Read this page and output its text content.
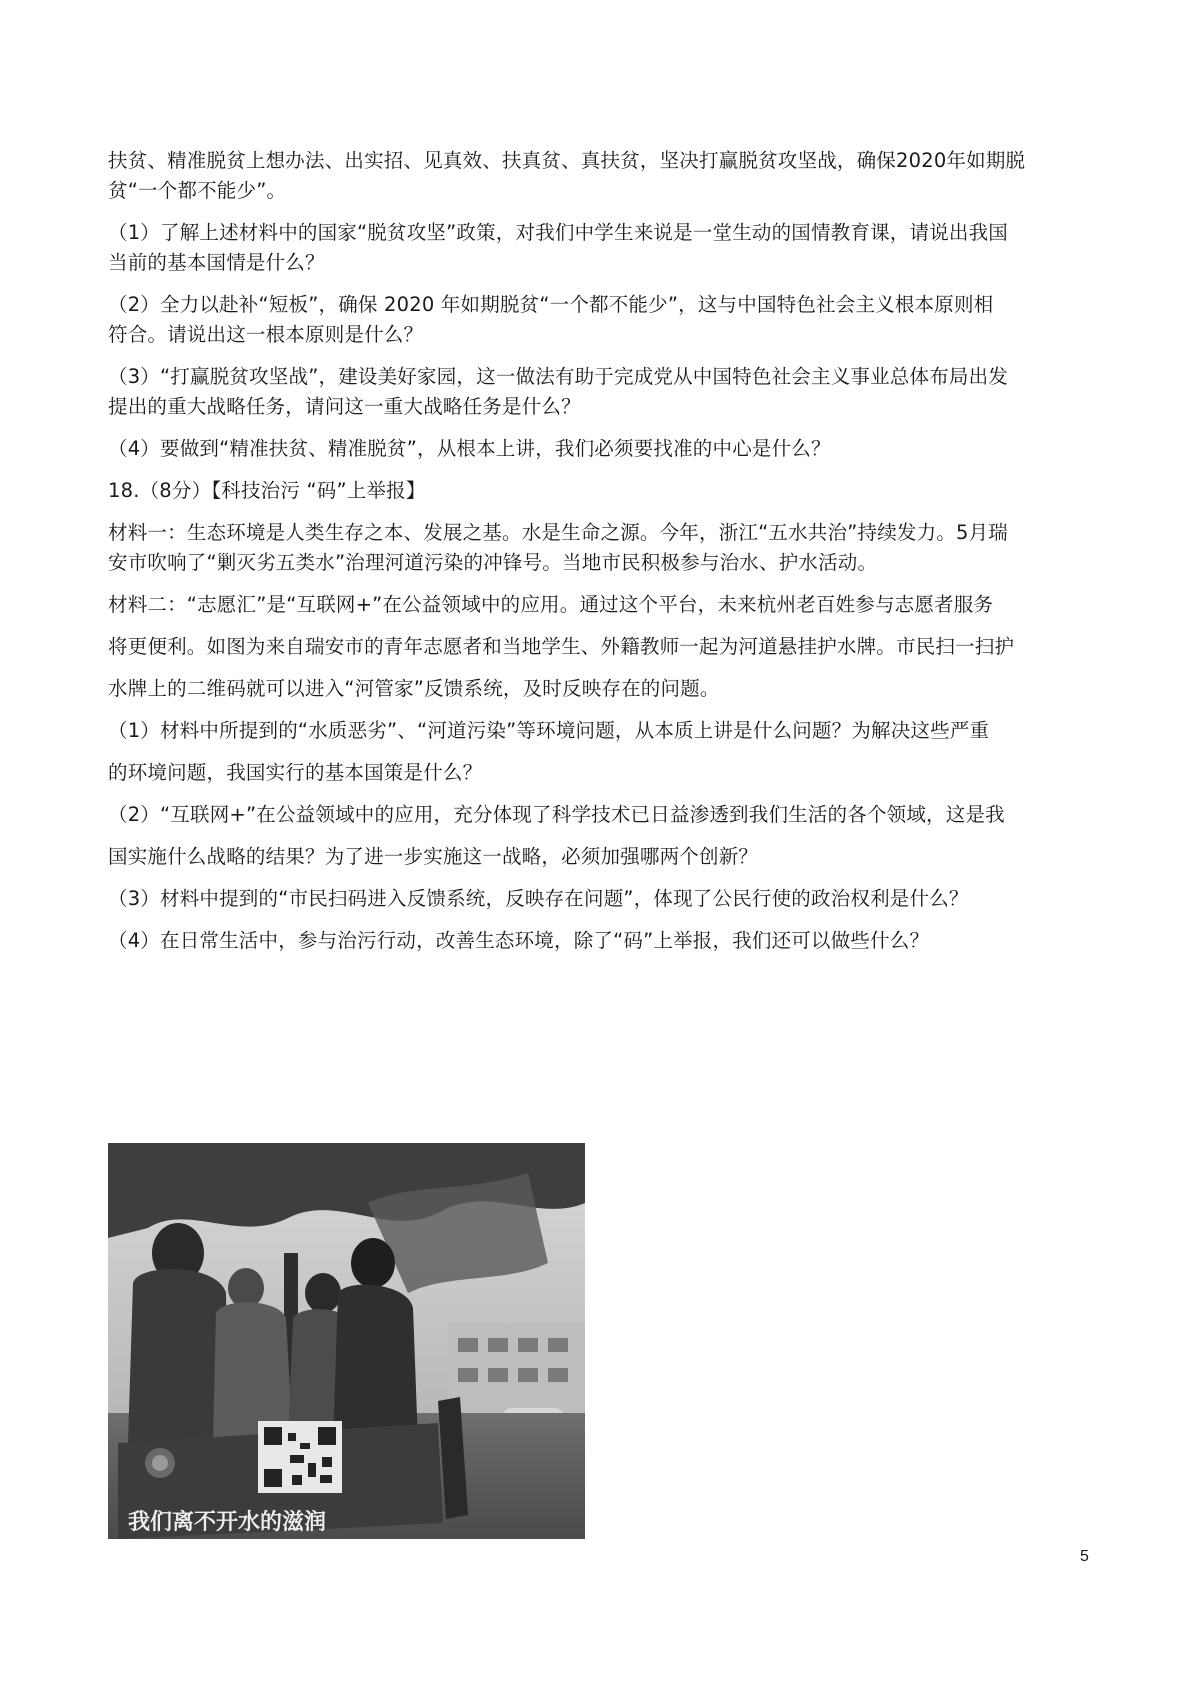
扶贫、精准脱贫上想办法、出实招、见真效、扶真贫、真扶贫，坚决打赢脱贫攻坚战，确保2020年如期脱
贫“一个都不能少”。
（1）了解上述材料中的国家“脱贫攻坚”政策，对我们中学生来说是一堂生动的国情教育课，请说出我国
当前的基本国情是什么？
（2）全力以赴补“短板”，确保 2020 年如期脱贫“一个都不能少”，这与中国特色社会主义根本原则相
符合。请说出这一根本原则是什么？
（3）“打赢脱贫攻坚战”，建设美好家园，这一做法有助于完成党从中国特色社会主义事业总体布局出发
提出的重大战略任务，请问这一重大战略任务是什么？
（4）要做到“精准扶贫、精准脱贫”，从根本上讲，我们必须要找准的中心是什么？
18.（8分）【科技治污 “码”上举报】
材料一：生态环境是人类生存之本、发展之基。水是生命之源。今年，浙江“五水共治”持续发力。5月瑞
安市吹响了“剿灭劣五类水”治理河道污染的冲锋号。当地市民积极参与治水、护水活动。
材料二：“志愿汇”是“互联网+”在公益领域中的应用。通过这个平台，未来杭州老百姓参与志愿者服务
将更便利。如图为来自瑞安市的青年志愿者和当地学生、外籍教师一起为河道悬挂护水牌。市民扫一扫护
水牌上的二维码就可以进入“河管家”反馈系统，及时反映存在的问题。
（1）材料中所提到的“水质恶劣”、“河道污染”等环境问题，从本质上讲是什么问题？为解决这些严重
的环境问题，我国实行的基本国策是什么？
（2）“互联网+”在公益领域中的应用，充分体现了科学技术已日益渗透到我们生活的各个领域，这是我
国实施什么战略的结果？为了进一步实施这一战略，必须加强哪两个创新？
（3）材料中提到的“市民扫码进入反馈系统，反映存在问题”，体现了公民行使的政治权利是什么？
（4）在日常生活中，参与治污行动，改善生态环境，除了“码”上举报，我们还可以做些什么？
我们离不开水的滋润
5
